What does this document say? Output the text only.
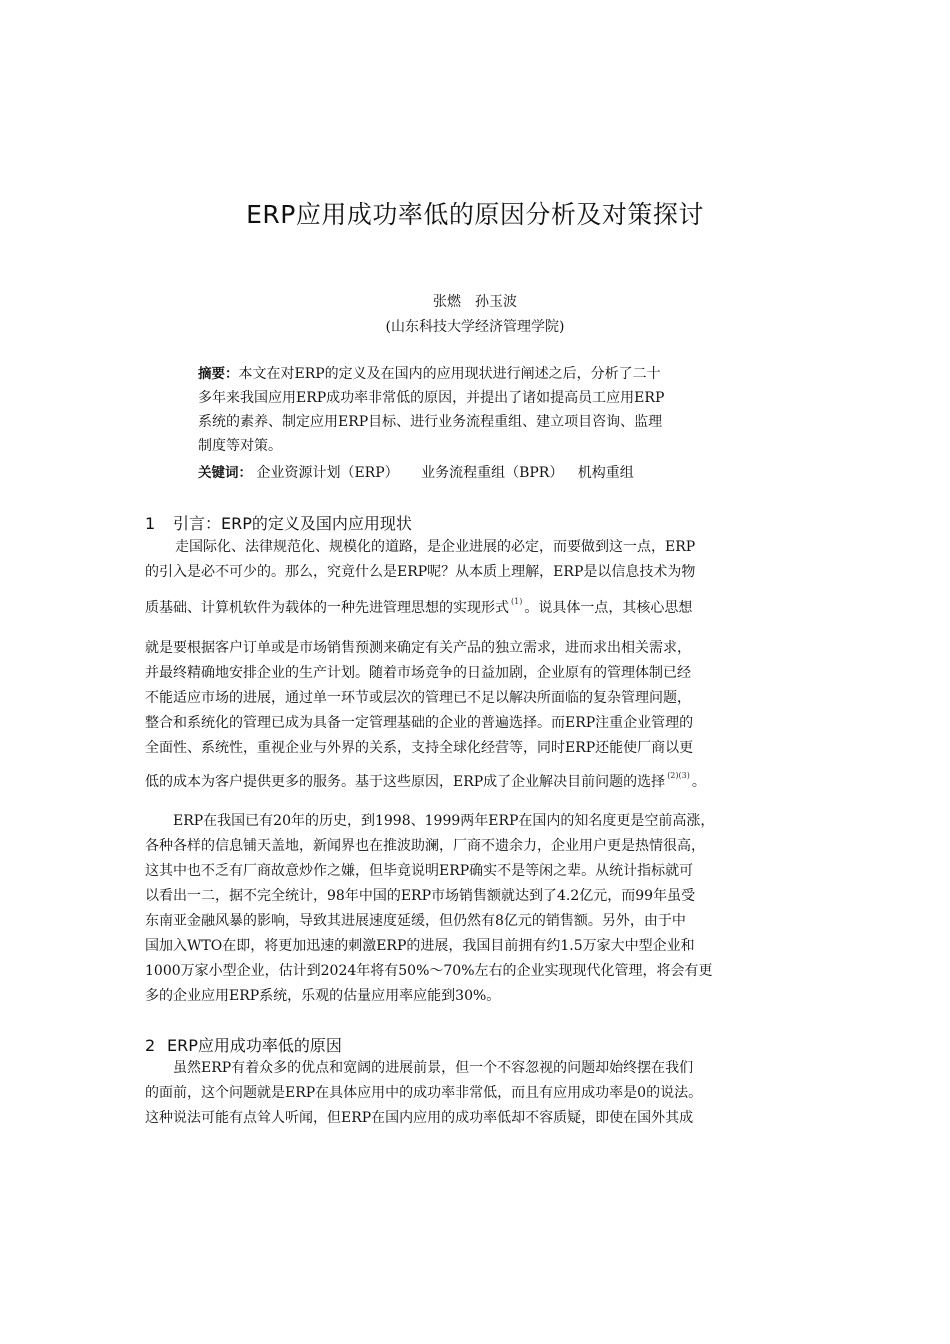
ERP应用成功率低的原因分析及对策探讨
张燃　孙玉波
(山东科技大学经济管理学院)
摘要：本文在对ERP的定义及在国内的应用现状进行阐述之后，分析了二十
多年来我国应用ERP成功率非常低的原因，并提出了诸如提高员工应用ERP
系统的素养、制定应用ERP目标、进行业务流程重组、建立项目咨询、监理
制度等对策。
关键词： 企业资源计划（ERP） 业务流程重组（BPR） 机构重组
1 引言：ERP的定义及国内应用现状
走国际化、法律规范化、规模化的道路，是企业进展的必定，而要做到这一点，ERP
的引入是必不可少的。那么，究竟什么是ERP呢？从本质上理解，ERP是以信息技术为物
质基础、计算机软件为载体的一种先进管理思想的实现形式 $^{(1)}$ 。说具体一点，其核心思想
就是要根据客户订单或是市场销售预测来确定有关产品的独立需求，进而求出相关需求，
并最终精确地安排企业的生产计划。随着市场竞争的日益加剧，企业原有的管理体制已经
不能适应市场的进展，通过单一环节或层次的管理已不足以解决所面临的复杂管理问题，
整合和系统化的管理已成为具备一定管理基础的企业的普遍选择。而ERP注重企业管理的
全面性、系统性，重视企业与外界的关系，支持全球化经营等，同时ERP还能使厂商以更
低的成本为客户提供更多的服务。基于这些原因，ERP成了企业解决目前问题的选择 $^{(2)(3)}$ 。
　　ERP在我国已有20年的历史，到1998、1999两年ERP在国内的知名度更是空前高涨，
各种各样的信息铺天盖地，新闻界也在推波助澜，厂商不遗余力，企业用户更是热情很高，
这其中也不乏有厂商故意炒作之嫌，但毕竟说明ERP确实不是等闲之辈。从统计指标就可
以看出一二，据不完全统计，98年中国的ERP市场销售额就达到了4.2亿元，而99年虽受
东南亚金融风暴的影响，导致其进展速度延缓，但仍然有8亿元的销售额。另外，由于中
国加入WTO在即，将更加迅速的刺激ERP的进展，我国目前拥有约1.5万家大中型企业和
1000万家小型企业，估计到2024年将有50%～70%左右的企业实现现代化管理，将会有更
多的企业应用ERP系统，乐观的估量应用率应能到30%。
2 ERP应用成功率低的原因
　　虽然ERP有着众多的优点和宽阔的进展前景，但一个不容忽视的问题却始终摆在我们
的面前，这个问题就是ERP在具体应用中的成功率非常低，而且有应用成功率是0的说法。
这种说法可能有点耸人听闻，但ERP在国内应用的成功率低却不容质疑，即使在国外其成
